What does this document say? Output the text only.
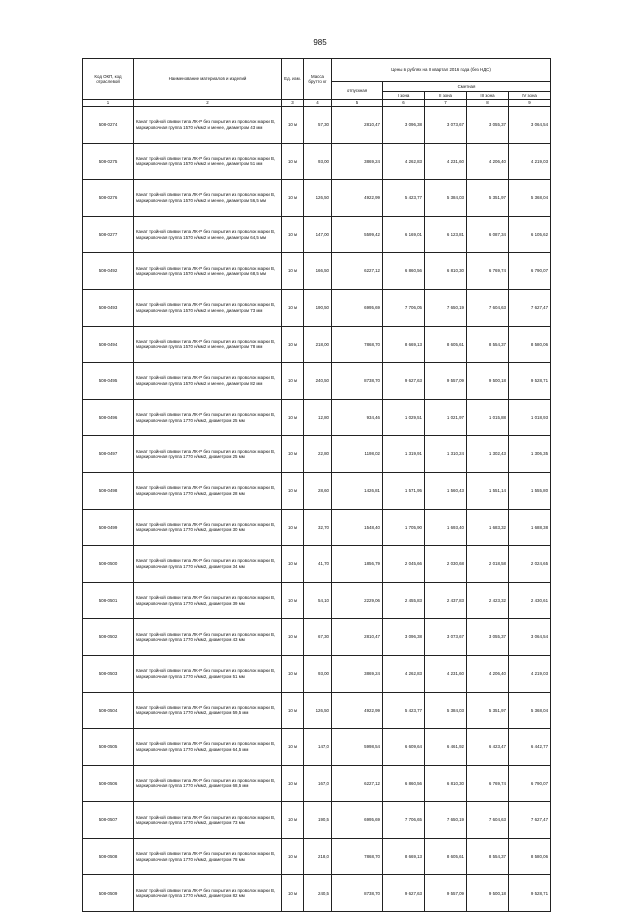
985
Код ОКП, код отраслевой	Наименование материалов и изделий	Ед. изм.	Масса брутто кг	Цены в рублях на II квартал 2016 года (без НДС)				
				отпускная	Сметная			
					I зона	II зона	III зона	IV зона
1	2	3	4	5	6	7	8	9
508-0274	Канат тройной свивки типа ЛК-Р без покрытия из проволок марки В, маркировочная группа 1570 н/мм2 и менее, диаметром 43 мм	10 м	57,30	2810,47	3 096,38	3 073,67	3 055,37	3 064,54
508-0275	Канат тройной свивки типа ЛК-Р без покрытия из проволок марки В, маркировочная группа 1570 н/мм2 и менее, диаметром 51 мм	10 м	93,00	3869,24	4 262,83	4 231,60	4 206,40	4 219,03
508-0276	Канат тройной свивки типа ЛК-Р без покрытия из проволок марки В, маркировочная группа 1570 н/мм2 и менее, диаметром 56,5 мм	10 м	126,50	4922,99	5 423,77	5 384,03	5 351,97	5 368,04
508-0277	Канат тройной свивки типа ЛК-Р без покрытия из проволок марки В, маркировочная группа 1570 н/мм2 и менее, диаметром 64,5 мм	10 м	147,00	5599,42	6 169,01	6 123,81	6 087,34	6 105,62
508-0492	Канат тройной свивки типа ЛК-Р без покрытия из проволок марки В, маркировочная группа 1570 н/мм2 и менее, диаметром 68,5 мм	10 м	166,50	6227,12	6 860,56	6 810,30	6 769,74	6 790,07
508-0493	Канат тройной свивки типа ЛК-Р без покрытия из проволок марки В, маркировочная группа 1570 н/мм2 и менее, диаметром 73 мм	10 м	190,50	6995,69	7 706,05	7 650,19	7 604,63	7 627,47
508-0494	Канат тройной свивки типа ЛК-Р без покрытия из проволок марки В, маркировочная группа 1570 н/мм2 и менее, диаметром 78 мм	10 м	218,00	7868,70	8 669,13	8 605,61	8 554,37	8 580,06
508-0495	Канат тройной свивки типа ЛК-Р без покрытия из проволок марки В, маркировочная группа 1570 н/мм2 и менее, диаметром 82 мм	10 м	240,50	8738,70	9 627,63	9 557,09	9 500,18	9 528,71
508-0496	Канат тройной свивки типа ЛК-Р без покрытия из проволок марки В, маркировочная группа 1770 н/мм2, диаметром 25 мм	10 м	12,80	934,46	1 029,51	1 021,97	1 015,88	1 018,93
508-0497	Канат тройной свивки типа ЛК-Р без покрытия из проволок марки В, маркировочная группа 1770 н/мм2, диаметром 25 мм	10 м	22,80	1198,02	1 319,91	1 310,24	1 302,43	1 306,35
508-0498	Канат тройной свивки типа ЛК-Р без покрытия из проволок марки В, маркировочная группа 1770 н/мм2, диаметром 28 мм	10 м	28,60	1426,81	1 571,95	1 560,43	1 551,14	1 555,80
508-0499	Канат тройной свивки типа ЛК-Р без покрытия из проволок марки В, маркировочная группа 1770 н/мм2, диаметром 30 мм	10 м	32,70	1548,40	1 705,90	1 693,40	1 683,32	1 688,38
508-0500	Канат тройной свивки типа ЛК-Р без покрытия из проволок марки В, маркировочная группа 1770 н/мм2, диаметром 34 мм	10 м	41,70	1856,79	2 045,66	2 030,68	2 018,58	2 024,65
508-0501	Канат тройной свивки типа ЛК-Р без покрытия из проволок марки В, маркировочная группа 1770 н/мм2, диаметром 39 мм	10 м	54,10	2229,06	2 455,83	2 437,83	2 423,32	2 430,61
508-0502	Канат тройной свивки типа ЛК-Р без покрытия из проволок марки В, маркировочная группа 1770 н/мм2, диаметром 43 мм	10 м	67,30	2810,47	3 096,38	3 073,67	3 055,37	3 064,54
508-0503	Канат тройной свивки типа ЛК-Р без покрытия из проволок марки В, маркировочная группа 1770 н/мм2, диаметром 51 мм	10 м	93,00	3869,24	4 262,83	4 231,60	4 206,40	4 219,03
508-0504	Канат тройной свивки типа ЛК-Р без покрытия из проволок марки В, маркировочная группа 1770 н/мм2, диаметром 59,5 мм	10 м	126,50	4922,99	5 423,77	5 384,03	5 351,97	5 368,04
508-0505	Канат тройной свивки типа ЛК-Р без покрытия из проволок марки В, маркировочная группа 1770 н/мм2, диаметром 64,5 мм	10 м	147,0	5998,54	6 609,64	6 461,92	6 423,47	6 442,77
508-0506	Канат тройной свивки типа ЛК-Р без покрытия из проволок марки В, маркировочная группа 1770 н/мм2, диаметром 68,5 мм	10 м	167,0	6227,12	6 860,56	6 810,30	6 769,74	6 790,07
508-0507	Канат тройной свивки типа ЛК-Р без покрытия из проволок марки В, маркировочная группа 1770 н/мм2, диаметром 73 мм	10 м	190,5	6995,69	7 706,65	7 650,19	7 604,63	7 627,47
508-0508	Канат тройной свивки типа ЛК-Р без покрытия из проволок марки В, маркировочная группа 1770 н/мм2, диаметром 78 мм	10 м	218,0	7868,70	8 669,13	8 605,61	8 554,37	8 580,06
508-0509	Канат тройной свивки типа ЛК-Р без покрытия из проволок марки В, маркировочная группа 1770 н/мм2, диаметром 82 мм	10 м	240,5	8738,70	9 627,63	9 557,09	9 500,18	9 528,71
